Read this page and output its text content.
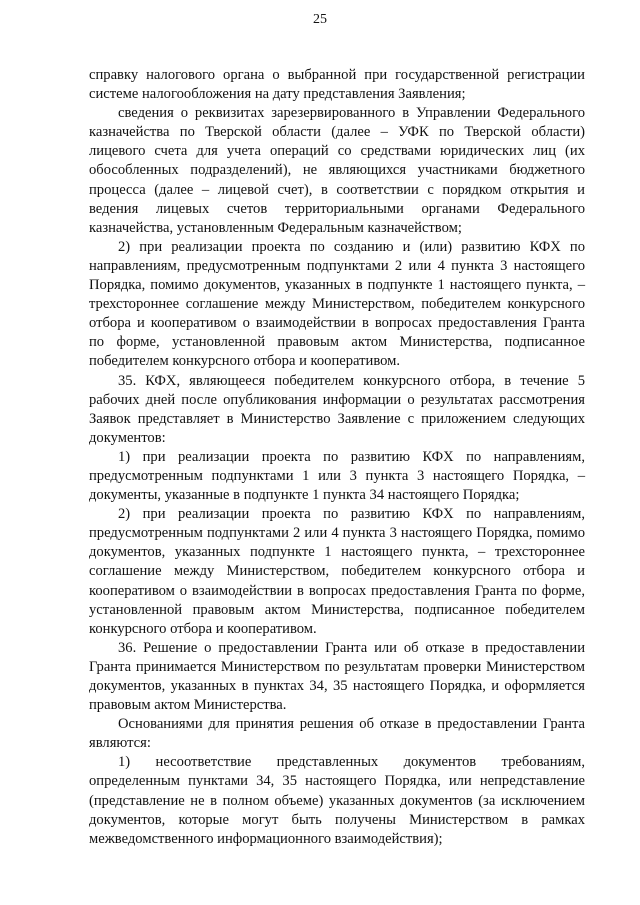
25

справку налогового органа о выбранной при государственной регистрации системе налогообложения на дату представления Заявления;

сведения о реквизитах зарезервированного в Управлении Федерального казначейства по Тверской области (далее – УФК по Тверской области) лицевого счета для учета операций со средствами юридических лиц (их обособленных подразделений), не являющихся участниками бюджетного процесса (далее – лицевой счет), в соответствии с порядком открытия и ведения лицевых счетов территориальными органами Федерального казначейства, установленным Федеральным казначейством;

2) при реализации проекта по созданию и (или) развитию КФХ по направлениям, предусмотренным подпунктами 2 или 4 пункта 3 настоящего Порядка, помимо документов, указанных в подпункте 1 настоящего пункта, – трехстороннее соглашение между Министерством, победителем конкурсного отбора и кооперативом о взаимодействии в вопросах предоставления Гранта по форме, установленной правовым актом Министерства, подписанное победителем конкурсного отбора и кооперативом.

35. КФХ, являющееся победителем конкурсного отбора, в течение 5 рабочих дней после опубликования информации о результатах рассмотрения Заявок представляет в Министерство Заявление с приложением следующих документов:

1) при реализации проекта по развитию КФХ по направлениям, предусмотренным подпунктами 1 или 3 пункта 3 настоящего Порядка, – документы, указанные в подпункте 1 пункта 34 настоящего Порядка;

2) при реализации проекта по развитию КФХ по направлениям, предусмотренным подпунктами 2 или 4 пункта 3 настоящего Порядка, помимо документов, указанных подпункте 1 настоящего пункта, – трехстороннее соглашение между Министерством, победителем конкурсного отбора и кооперативом о взаимодействии в вопросах предоставления Гранта по форме, установленной правовым актом Министерства, подписанное победителем конкурсного отбора и кооперативом.

36. Решение о предоставлении Гранта или об отказе в предоставлении Гранта принимается Министерством по результатам проверки Министерством документов, указанных в пунктах 34, 35 настоящего Порядка, и оформляется правовым актом Министерства.

Основаниями для принятия решения об отказе в предоставлении Гранта являются:

1) несоответствие представленных документов требованиям, определенным пунктами 34, 35 настоящего Порядка, или непредставление (представление не в полном объеме) указанных документов (за исключением документов, которые могут быть получены Министерством в рамках межведомственного информационного взаимодействия);
